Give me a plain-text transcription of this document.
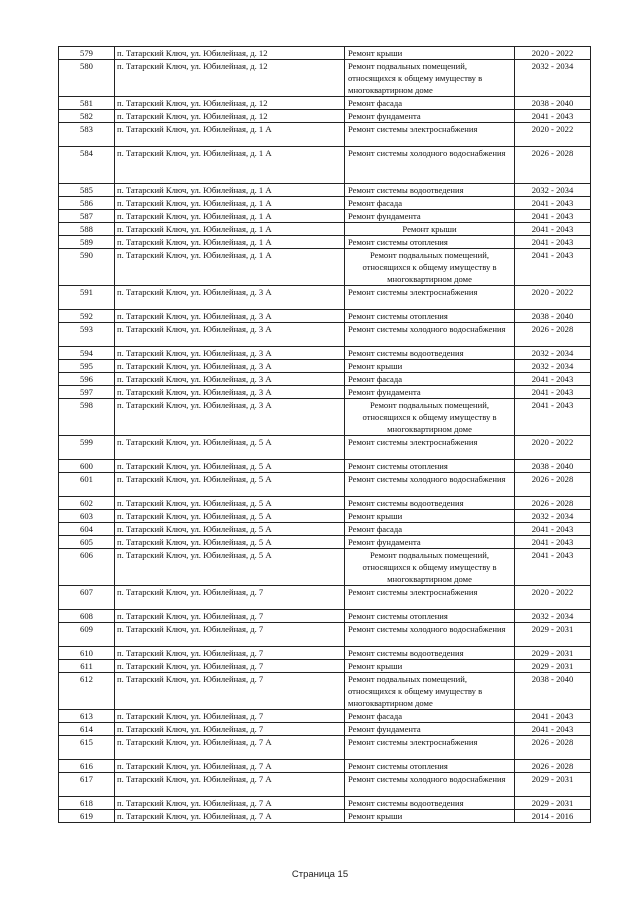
579	п. Татарский Ключ, ул. Юбилейная, д. 12	Ремонт крыши	2020 - 2022
580	п. Татарский Ключ, ул. Юбилейная, д. 12	Ремонт подвальных помещений, относящихся к общему имуществу в многоквартирном доме	2032 - 2034
581	п. Татарский Ключ, ул. Юбилейная, д. 12	Ремонт фасада	2038 - 2040
582	п. Татарский Ключ, ул. Юбилейная, д. 12	Ремонт фундамента	2041 - 2043
583	п. Татарский Ключ, ул. Юбилейная, д. 1 А	Ремонт системы электроснабжения	2020 - 2022
584	п. Татарский Ключ, ул. Юбилейная, д. 1 А	Ремонт системы холодного водоснабжения	2026 - 2028
585	п. Татарский Ключ, ул. Юбилейная, д. 1 А	Ремонт системы водоотведения	2032 - 2034
586	п. Татарский Ключ, ул. Юбилейная, д. 1 А	Ремонт фасада	2041 - 2043
587	п. Татарский Ключ, ул. Юбилейная, д. 1 А	Ремонт фундамента	2041 - 2043
588	п. Татарский Ключ, ул. Юбилейная, д. 1 А	Ремонт крыши	2041 - 2043
589	п. Татарский Ключ, ул. Юбилейная, д. 1 А	Ремонт системы отопления	2041 - 2043
590	п. Татарский Ключ, ул. Юбилейная, д. 1 А	Ремонт подвальных помещений, относящихся к общему имуществу в многоквартирном доме	2041 - 2043
591	п. Татарский Ключ, ул. Юбилейная, д. 3 А	Ремонт системы электроснабжения	2020 - 2022
592	п. Татарский Ключ, ул. Юбилейная, д. 3 А	Ремонт системы отопления	2038 - 2040
593	п. Татарский Ключ, ул. Юбилейная, д. 3 А	Ремонт системы холодного водоснабжения	2026 - 2028
594	п. Татарский Ключ, ул. Юбилейная, д. 3 А	Ремонт системы водоотведения	2032 - 2034
595	п. Татарский Ключ, ул. Юбилейная, д. 3 А	Ремонт крыши	2032 - 2034
596	п. Татарский Ключ, ул. Юбилейная, д. 3 А	Ремонт фасада	2041 - 2043
597	п. Татарский Ключ, ул. Юбилейная, д. 3 А	Ремонт фундамента	2041 - 2043
598	п. Татарский Ключ, ул. Юбилейная, д. 3 А	Ремонт подвальных помещений, относящихся к общему имуществу в многоквартирном доме	2041 - 2043
599	п. Татарский Ключ, ул. Юбилейная, д. 5 А	Ремонт системы электроснабжения	2020 - 2022
600	п. Татарский Ключ, ул. Юбилейная, д. 5 А	Ремонт системы отопления	2038 - 2040
601	п. Татарский Ключ, ул. Юбилейная, д. 5 А	Ремонт системы холодного водоснабжения	2026 - 2028
602	п. Татарский Ключ, ул. Юбилейная, д. 5 А	Ремонт системы водоотведения	2026 - 2028
603	п. Татарский Ключ, ул. Юбилейная, д. 5 А	Ремонт крыши	2032 - 2034
604	п. Татарский Ключ, ул. Юбилейная, д. 5 А	Ремонт фасада	2041 - 2043
605	п. Татарский Ключ, ул. Юбилейная, д. 5 А	Ремонт фундамента	2041 - 2043
606	п. Татарский Ключ, ул. Юбилейная, д. 5 А	Ремонт подвальных помещений, относящихся к общему имуществу в многоквартирном доме	2041 - 2043
607	п. Татарский Ключ, ул. Юбилейная, д. 7	Ремонт системы электроснабжения	2020 - 2022
608	п. Татарский Ключ, ул. Юбилейная, д. 7	Ремонт системы отопления	2032 - 2034
609	п. Татарский Ключ, ул. Юбилейная, д. 7	Ремонт системы холодного водоснабжения	2029 - 2031
610	п. Татарский Ключ, ул. Юбилейная, д. 7	Ремонт системы водоотведения	2029 - 2031
611	п. Татарский Ключ, ул. Юбилейная, д. 7	Ремонт крыши	2029 - 2031
612	п. Татарский Ключ, ул. Юбилейная, д. 7	Ремонт подвальных помещений, относящихся к общему имуществу в многоквартирном доме	2038 - 2040
613	п. Татарский Ключ, ул. Юбилейная, д. 7	Ремонт фасада	2041 - 2043
614	п. Татарский Ключ, ул. Юбилейная, д. 7	Ремонт фундамента	2041 - 2043
615	п. Татарский Ключ, ул. Юбилейная, д. 7 А	Ремонт системы электроснабжения	2026 - 2028
616	п. Татарский Ключ, ул. Юбилейная, д. 7 А	Ремонт системы отопления	2026 - 2028
617	п. Татарский Ключ, ул. Юбилейная, д. 7 А	Ремонт системы холодного водоснабжения	2029 - 2031
618	п. Татарский Ключ, ул. Юбилейная, д. 7 А	Ремонт системы водоотведения	2029 - 2031
619	п. Татарский Ключ, ул. Юбилейная, д. 7 А	Ремонт крыши	2014 - 2016
Страница 15
